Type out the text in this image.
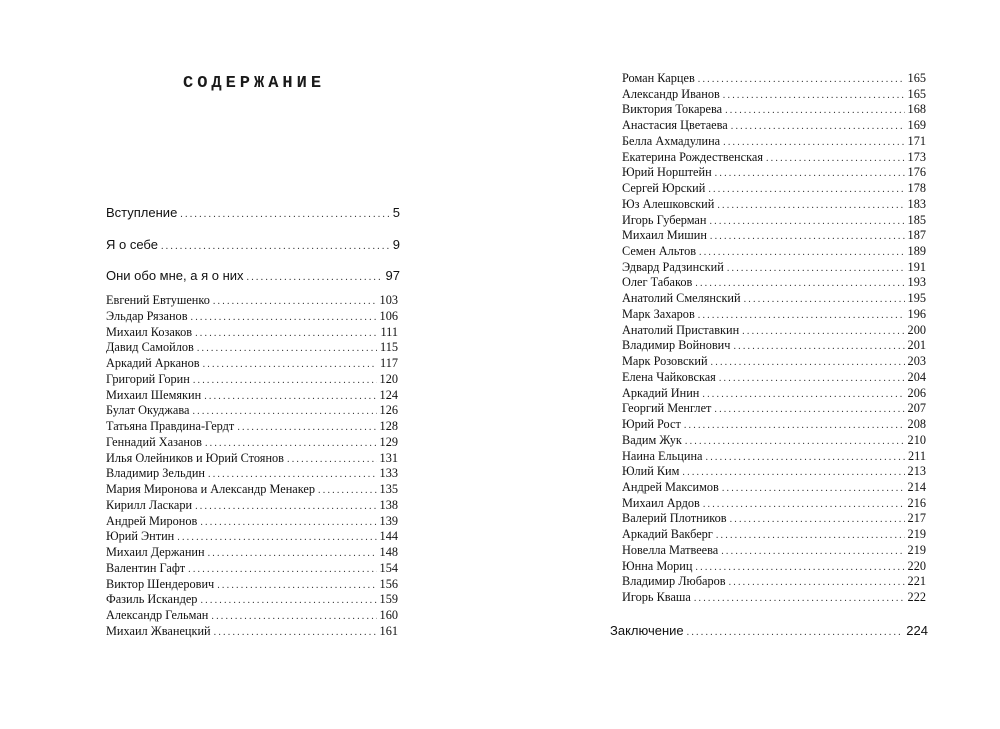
СОДЕРЖАНИЕ
Вступление .....	5
Я о себе .....	9
Они обо мне, а я о них .....	97
Евгений Евтушенко .....	103
Эльдар Рязанов .....	106
Михаил Козаков .....	111
Давид Самойлов .....	115
Аркадий Арканов .....	117
Григорий Горин .....	120
Михаил Шемякин .....	124
Булат Окуджава .....	126
Татьяна Правдина-Гердт .....	128
Геннадий Хазанов .....	129
Илья Олейников и Юрий Стоянов .....	131
Владимир Зельдин .....	133
Мария Миронова и Александр Менакер .....	135
Кирилл Ласкари .....	138
Андрей Миронов .....	139
Юрий Энтин .....	144
Михаил Держанин .....	148
Валентин Гафт .....	154
Виктор Шендерович .....	156
Фазиль Искандер .....	159
Александр Гельман .....	160
Михаил Жванецкий .....	161
Роман Карцев .....	165
Александр Иванов .....	165
Виктория Токарева .....	168
Анастасия Цветаева .....	169
Белла Ахмадулина .....	171
Екатерина Рождественская .....	173
Юрий Норштейн .....	176
Сергей Юрский .....	178
Юз Алешковский .....	183
Игорь Губерман .....	185
Михаил Мишин .....	187
Семен Альтов .....	189
Эдвард Радзинский .....	191
Олег Табаков .....	193
Анатолий Смелянский .....	195
Марк Захаров .....	196
Анатолий Приставкин .....	200
Владимир Войнович .....	201
Марк Розовский .....	203
Елена Чайковская .....	204
Аркадий Инин .....	206
Георгий Менглет .....	207
Юрий Рост .....	208
Вадим Жук .....	210
Наина Ельцина .....	211
Юлий Ким .....	213
Андрей Максимов .....	214
Михаил Ардов .....	216
Валерий Плотников .....	217
Аркадий Вакберг .....	219
Новелла Матвеева .....	219
Юнна Мориц .....	220
Владимир Любаров .....	221
Игорь Кваша .....	222
Заключение .....	224
